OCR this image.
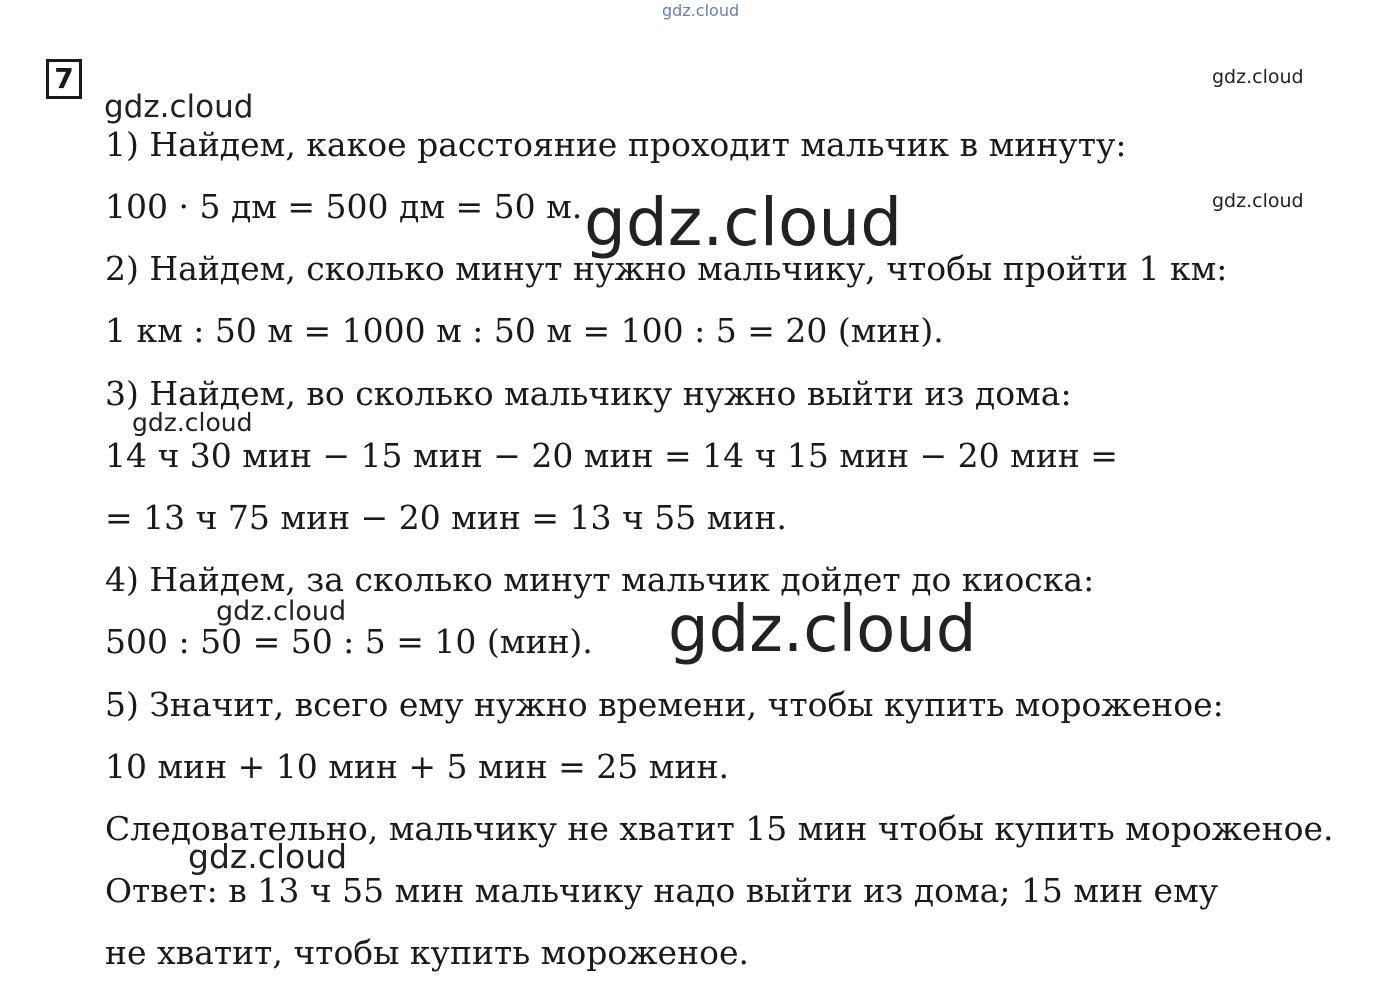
gdz.cloud
gdz.cloud
gdz.cloud
7
1) Найдем, какое расстояние проходит мальчик в минуту:
100 · 5 дм = 500 дм = 50 м.
2) Найдем, сколько минут нужно мальчику, чтобы пройти 1 км:
1 км : 50 м = 1000 м : 50 м = 100 : 5 = 20 (мин).
3) Найдем, во сколько мальчику нужно выйти из дома:
14 ч 30 мин − 15 мин − 20 мин = 14 ч 15 мин − 20 мин =
= 13 ч 75 мин − 20 мин = 13 ч 55 мин.
4) Найдем, за сколько минут мальчик дойдет до киоска:
500 : 50 = 50 : 5 = 10 (мин).
5) Значит, всего ему нужно времени, чтобы купить мороженое:
10 мин + 10 мин + 5 мин = 25 мин.
Следовательно, мальчику не хватит 15 мин чтобы купить мороженое.
Ответ: в 13 ч 55 мин мальчику надо выйти из дома; 15 мин ему
не хватит, чтобы купить мороженое.
gdz.cloud
gdz.cloud
gdz.cloud
gdz.cloud
gdz.cloud
gdz.cloud
